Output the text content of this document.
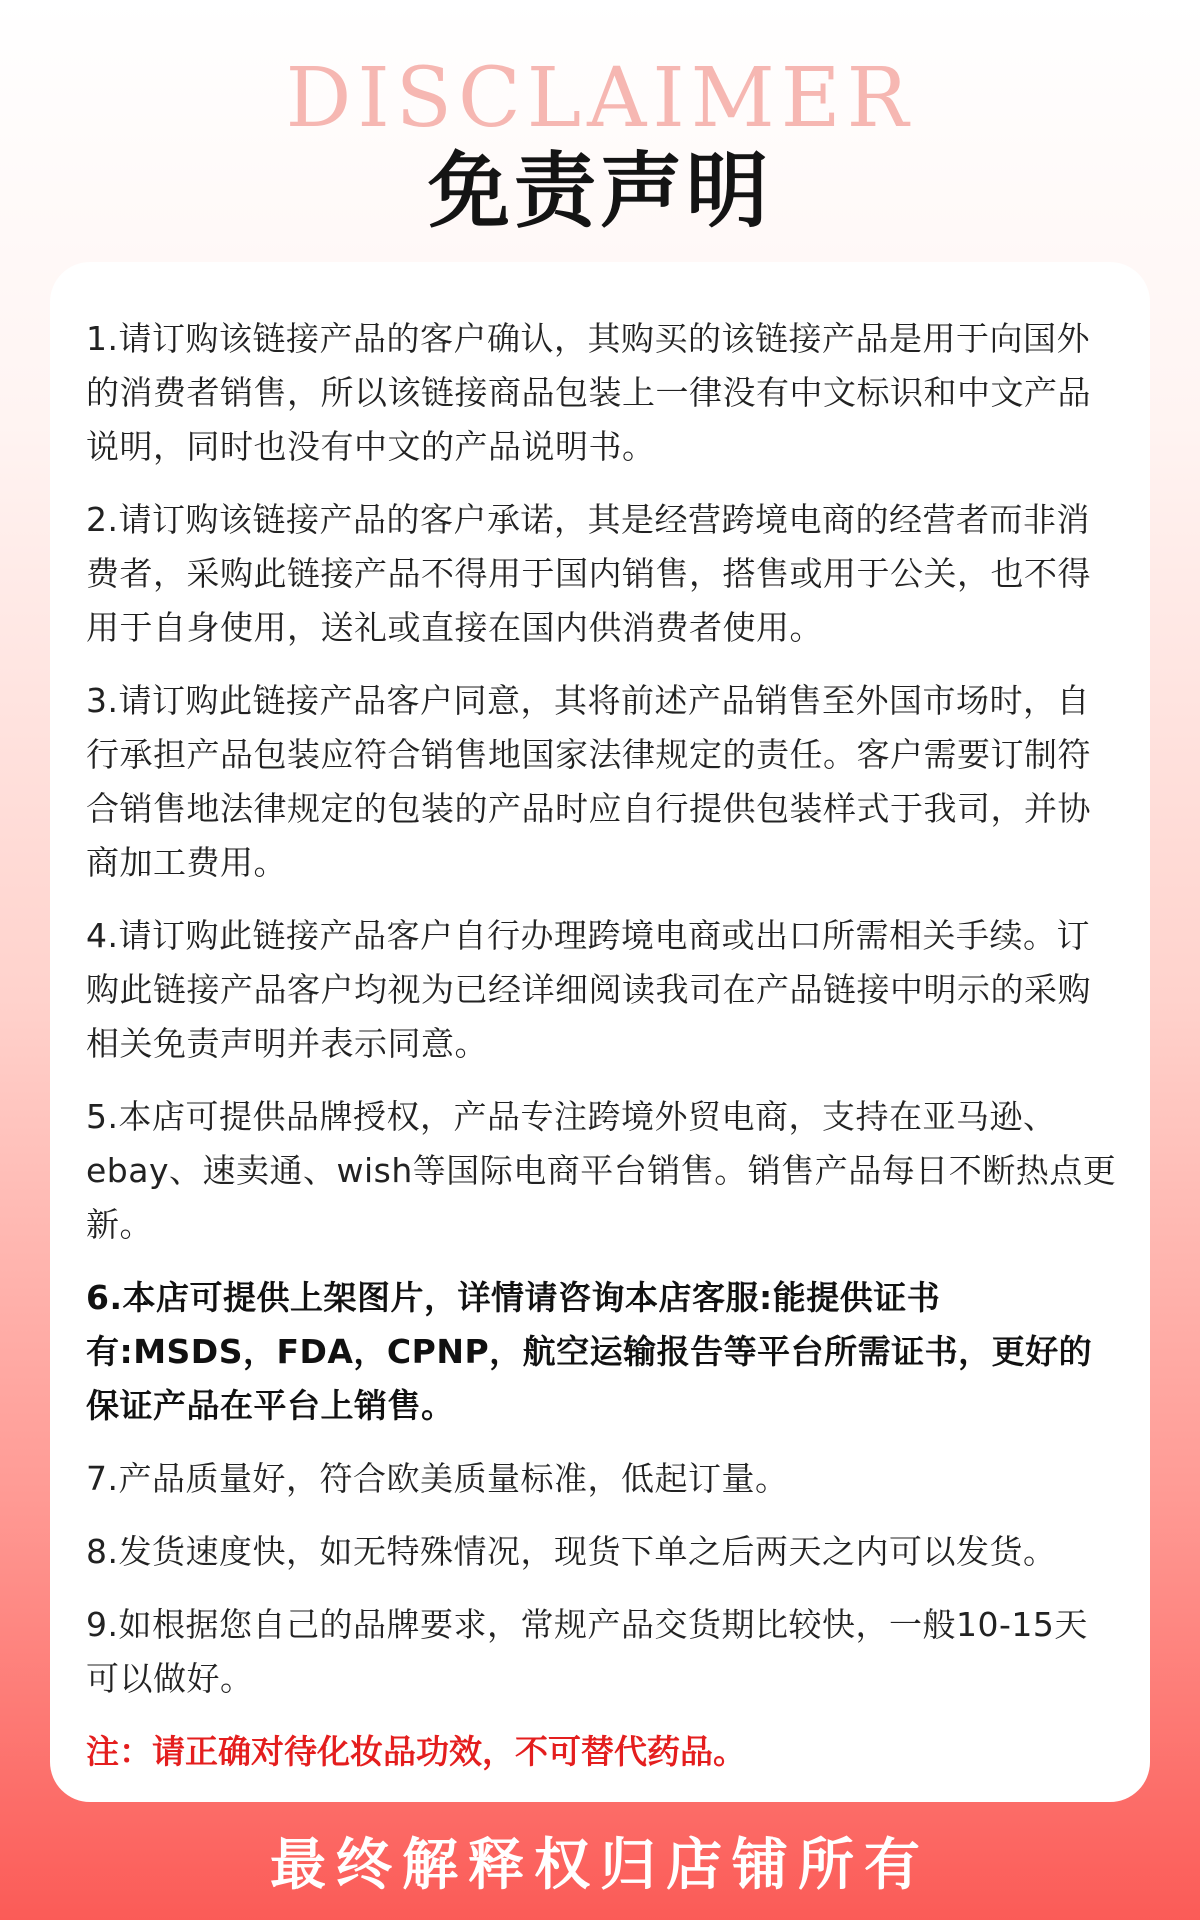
DISCLAIMER
免责声明

1.请订购该链接产品的客户确认，其购买的该链接产品是用于向国外的消费者销售，所以该链接商品包装上一律没有中文标识和中文产品说明，同时也没有中文的产品说明书。

2.请订购该链接产品的客户承诺，其是经营跨境电商的经营者而非消费者，采购此链接产品不得用于国内销售，搭售或用于公关，也不得用于自身使用，送礼或直接在国内供消费者使用。

3.请订购此链接产品客户同意，其将前述产品销售至外国市场时，自行承担产品包装应符合销售地国家法律规定的责任。客户需要订制符合销售地法律规定的包装的产品时应自行提供包装样式于我司，并协商加工费用。

4.请订购此链接产品客户自行办理跨境电商或出口所需相关手续。订购此链接产品客户均视为已经详细阅读我司在产品链接中明示的采购相关免责声明并表示同意。

5.本店可提供品牌授权，产品专注跨境外贸电商，支持在亚马逊、ebay、速卖通、wish等国际电商平台销售。销售产品每日不断热点更新。

6.本店可提供上架图片，详情请咨询本店客服:能提供证书有:MSDS，FDA，CPNP，航空运输报告等平台所需证书，更好的保证产品在平台上销售。

7.产品质量好，符合欧美质量标准，低起订量。

8.发货速度快，如无特殊情况，现货下单之后两天之内可以发货。

9.如根据您自己的品牌要求，常规产品交货期比较快，一般10-15天可以做好。

注：请正确对待化妆品功效，不可替代药品。

最终解释权归店铺所有
